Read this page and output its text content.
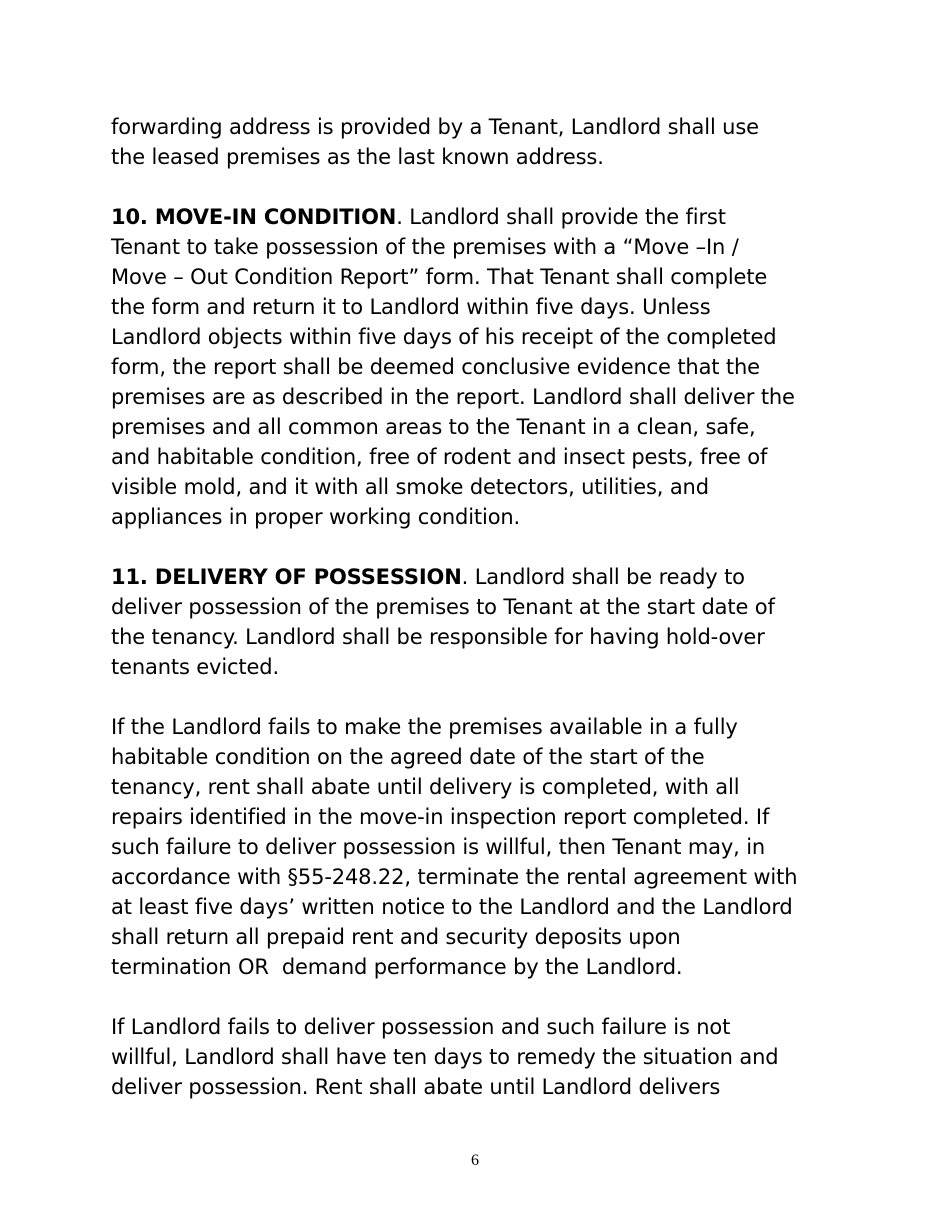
forwarding address is provided by a Tenant, Landlord shall use
the leased premises as the last known address.
10. MOVE-IN CONDITION. Landlord shall provide the first
Tenant to take possession of the premises with a “Move –In /
Move – Out Condition Report” form. That Tenant shall complete
the form and return it to Landlord within five days. Unless
Landlord objects within five days of his receipt of the completed
form, the report shall be deemed conclusive evidence that the
premises are as described in the report. Landlord shall deliver the
premises and all common areas to the Tenant in a clean, safe,
and habitable condition, free of rodent and insect pests, free of
visible mold, and it with all smoke detectors, utilities, and
appliances in proper working condition.
11. DELIVERY OF POSSESSION. Landlord shall be ready to
deliver possession of the premises to Tenant at the start date of
the tenancy. Landlord shall be responsible for having hold-over
tenants evicted.
If the Landlord fails to make the premises available in a fully
habitable condition on the agreed date of the start of the
tenancy, rent shall abate until delivery is completed, with all
repairs identified in the move-in inspection report completed. If
such failure to deliver possession is willful, then Tenant may, in
accordance with §55-248.22, terminate the rental agreement with
at least five days’ written notice to the Landlord and the Landlord
shall return all prepaid rent and security deposits upon
termination OR  demand performance by the Landlord.
If Landlord fails to deliver possession and such failure is not
willful, Landlord shall have ten days to remedy the situation and
deliver possession. Rent shall abate until Landlord delivers
6
